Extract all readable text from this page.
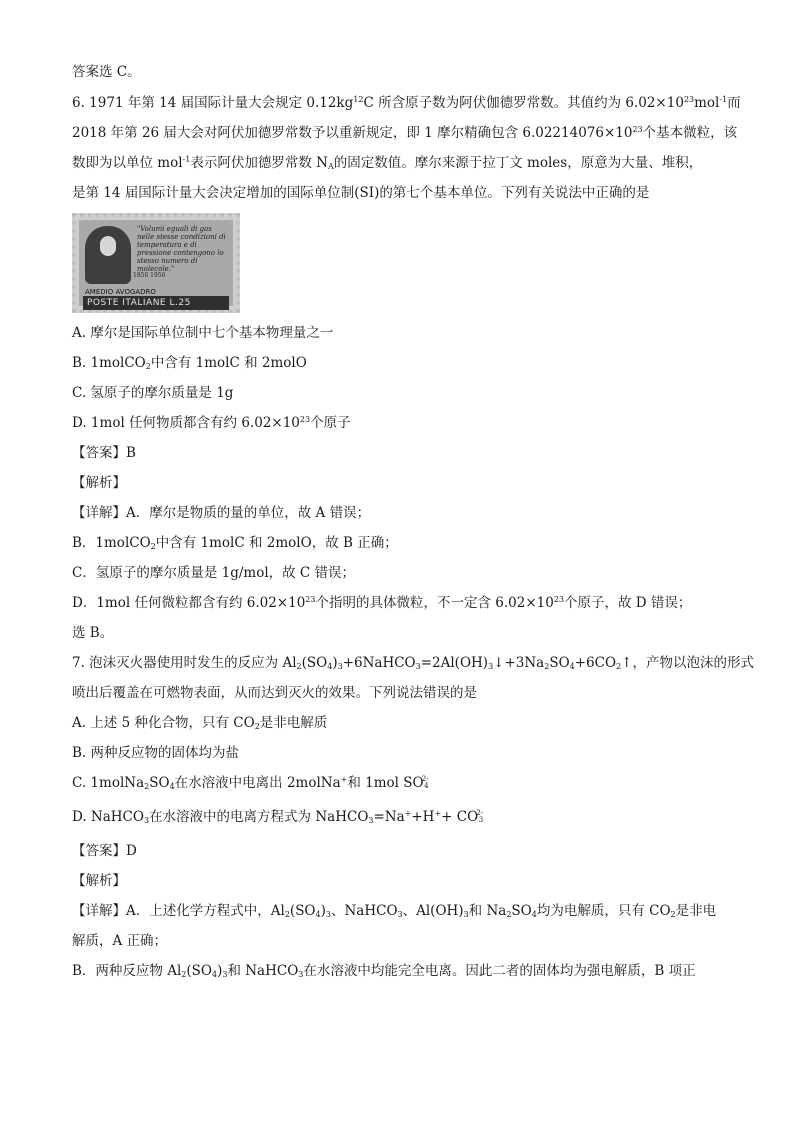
答案选 C。
6. 1971 年第 14 届国际计量大会规定 $0.12kg^{12}C$ 所含原子数为阿伏伽德罗常数。其值约为 $6.02\times 10^{23}mol^{-1}$而
2018 年第 26 届大会对阿伏加德罗常数予以重新规定，即 1 摩尔精确包含 $6.02214076\times 10^{23}$个基本微粒，该
数即为以单位 mol$^{-1}$表示阿伏加德罗常数 $N_A$的固定数值。摩尔来源于拉丁文 moles，原意为大量、堆积，
是第 14 届国际计量大会决定增加的国际单位制(SI)的第七个基本单位。下列有关说法中正确的是
"Volumi eguali di gas nelle stesse condizioni di temperatura e di pressione contengono lo stesso numero di molecole."
1856 1956
AMEDIO AVOGADRO
POSTE ITALIANE L.25
A. 摩尔是国际单位制中七个基本物理量之一
B. 1molCO$_2$中含有 1molC 和 2molO
C. 氢原子的摩尔质量是 1g
D. 1mol 任何物质都含有约 $6.02\times 10^{23}$个原子
【答案】B
【解析】
【详解】A．摩尔是物质的量的单位，故 A 错误；
B．1molCO$_2$中含有 1molC 和 2molO，故 B 正确；
C．氢原子的摩尔质量是 1g/mol，故 C 错误；
D．1mol 任何微粒都含有约 $6.02\times 10^{23}$个指明的具体微粒，不一定含 $6.02\times 10^{23}$个原子，故 D 错误；
选 B。
7. 泡沫灭火器使用时发生的反应为 $Al_2(SO_4)_3+6NaHCO_3=2Al(OH)_3↓+3Na_2SO_4+6CO_2↑$，产物以泡沫的形式
喷出后覆盖在可燃物表面，从而达到灭火的效果。下列说法错误的是
A. 上述 5 种化合物，只有 $CO_2$是非电解质
B. 两种反应物的固体均为盐
C. $1molNa_2SO_4$在水溶液中电离出 2molNa+和 1mol SO
2-
4
D. NaHCO$_3$在水溶液中的电离方程式为 NaHCO$_3$=Na++H++ CO
2-
3
【答案】D
【解析】
【详解】A．上述化学方程式中，$Al_2(SO_4)_3$、NaHCO$_3$、$Al(OH)_3$和 $Na_2SO_4$均为电解质，只有 $CO_2$是非电
解质，A 正确；
B．两种反应物 $Al_2(SO_4)_3$和 NaHCO$_3$在水溶液中均能完全电离。因此二者的固体均为强电解质，B 项正
